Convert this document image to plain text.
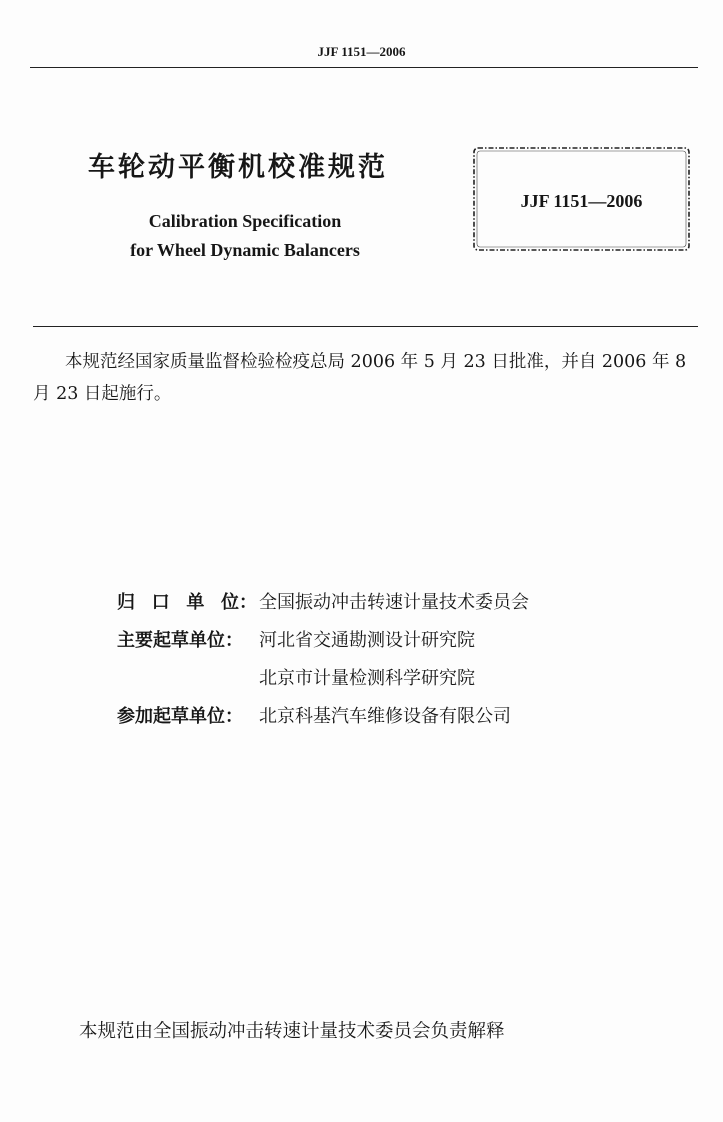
JJF 1151—2006
车轮动平衡机校准规范
Calibration Specification
for Wheel Dynamic Balancers
JJF 1151—2006
本规范经国家质量监督检验检疫总局 2006 年 5 月 23 日批准，并自 2006 年 8 月 23 日起施行。
归 口 单 位： 全国振动冲击转速计量技术委员会
主要起草单位： 河北省交通勘测设计研究院
北京市计量检测科学研究院
参加起草单位： 北京科基汽车维修设备有限公司
本规范由全国振动冲击转速计量技术委员会负责解释
